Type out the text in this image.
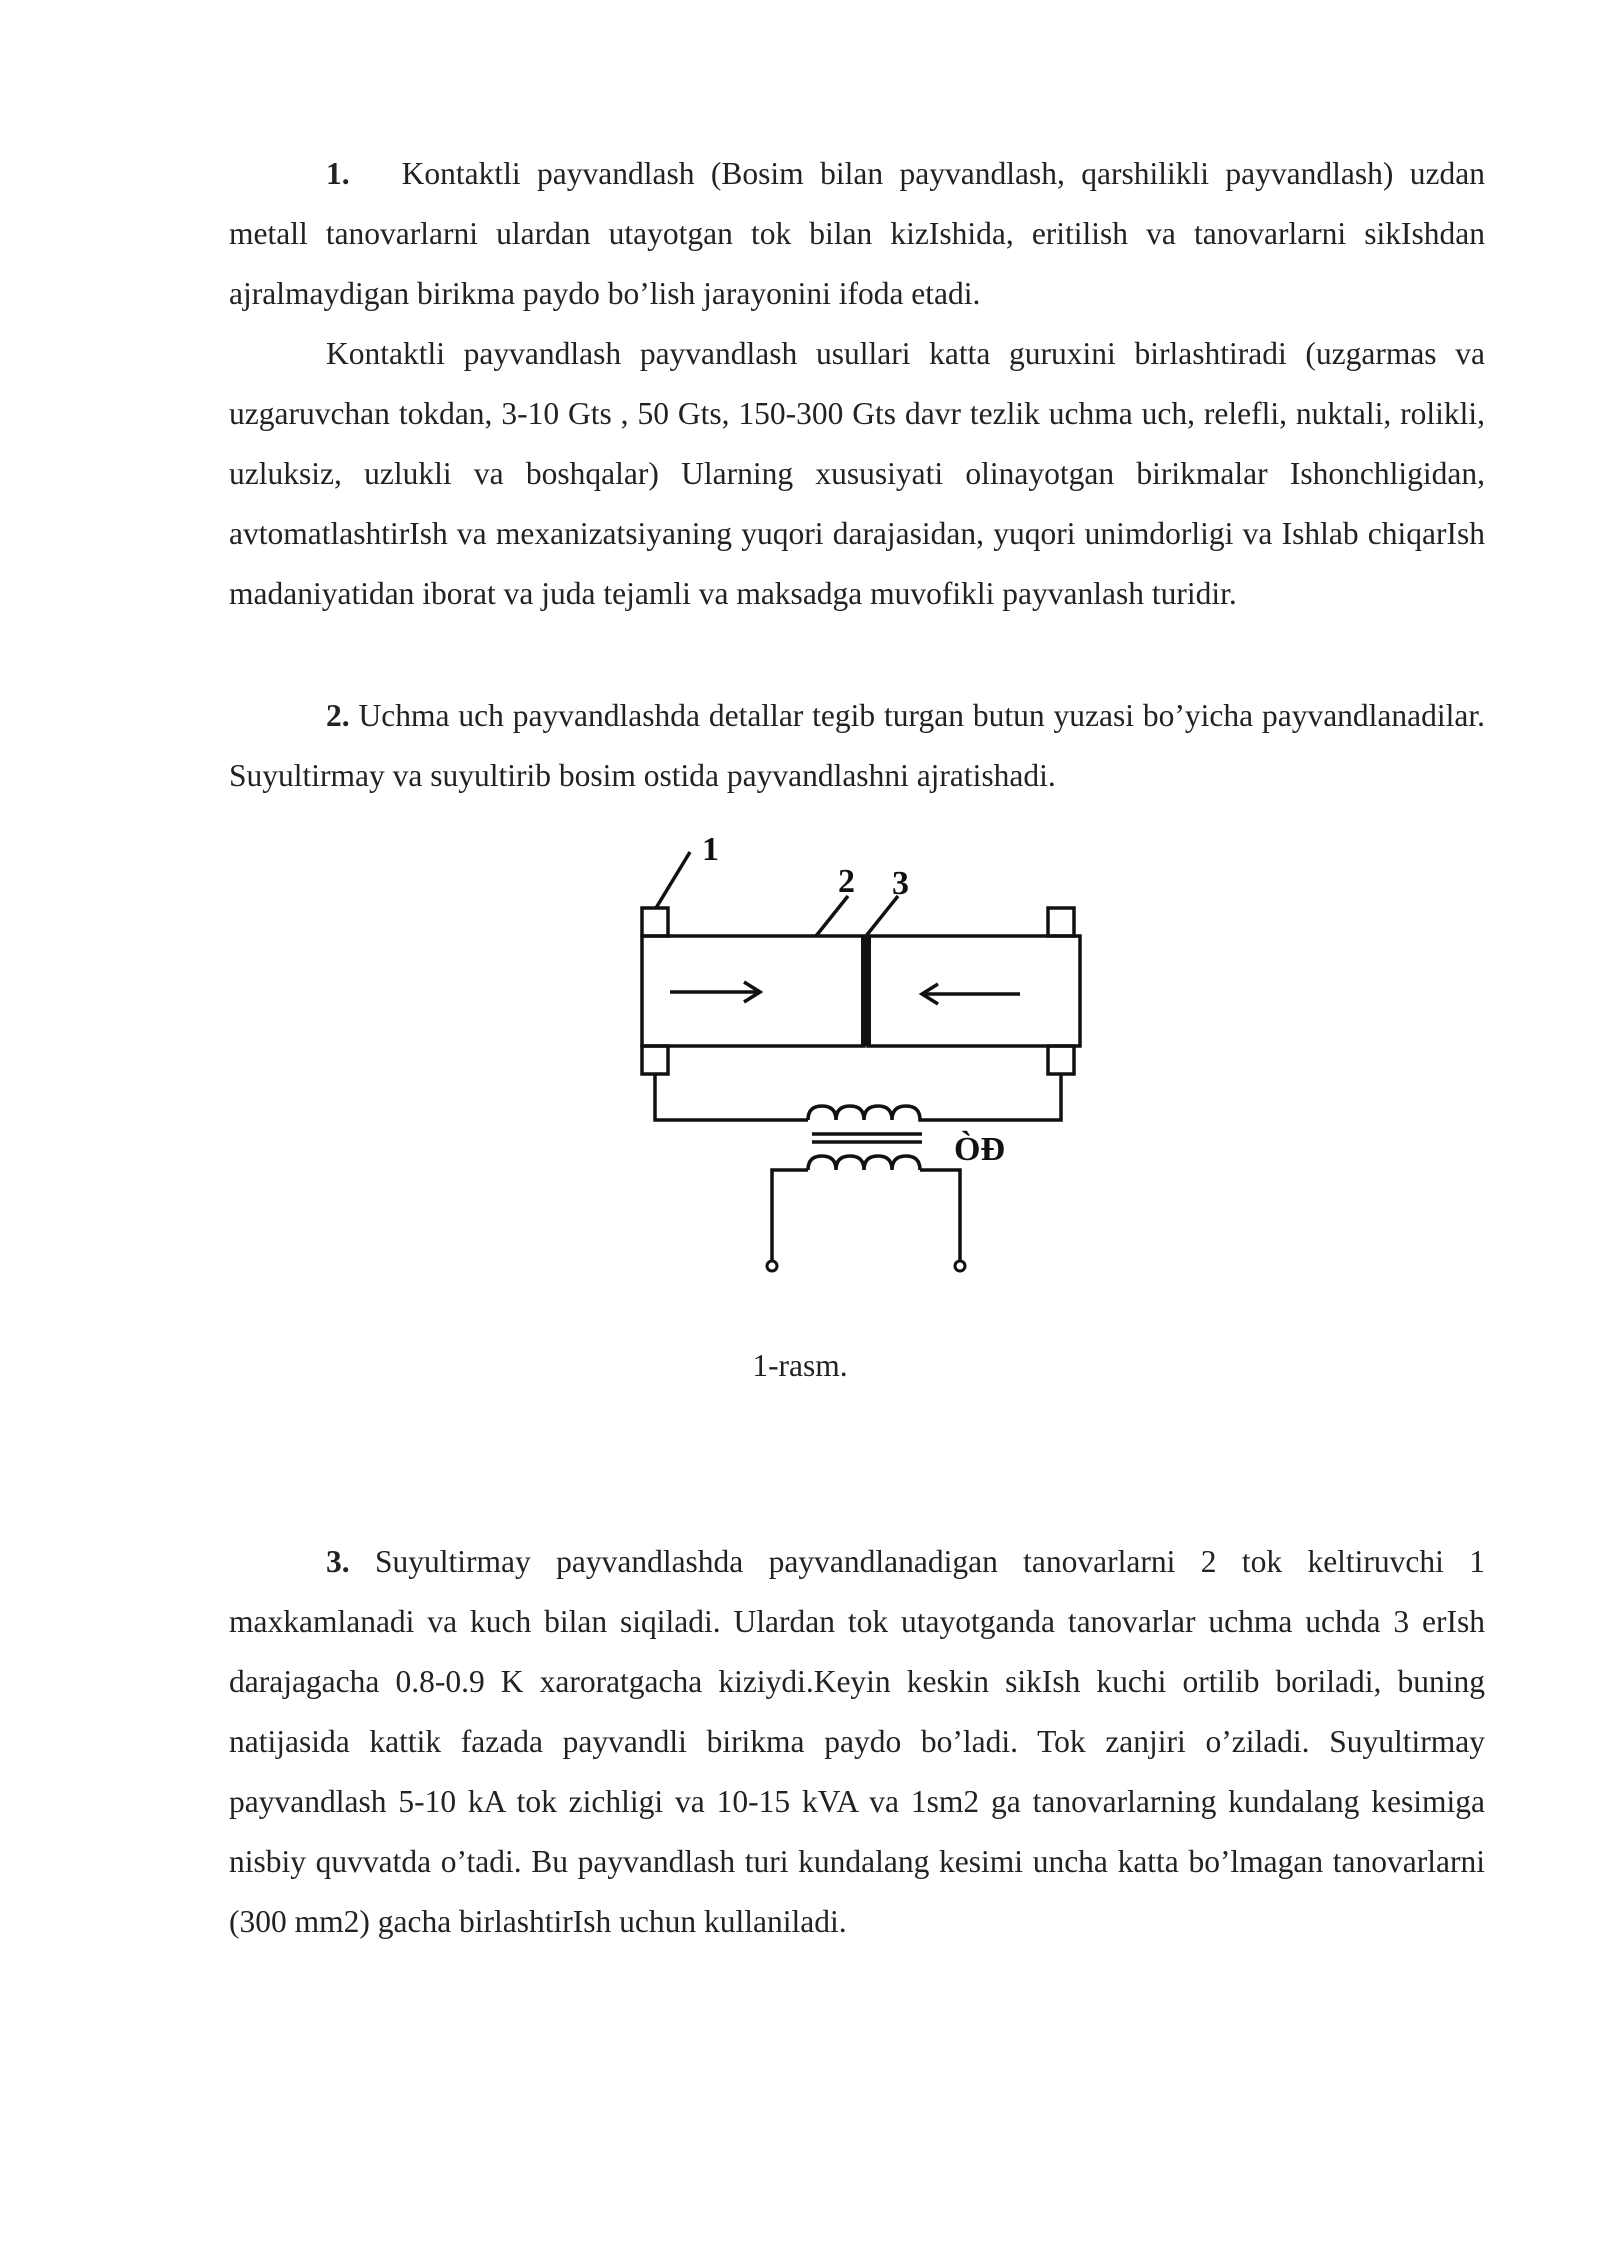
1. Kontaktli payvandlash (Bosim bilan payvandlash, qarshilikli payvandlash) uzdan metall tanovarlarni ulardan utayotgan tok bilan kizIshida, eritilish va tanovarlarni sikIshdan ajralmaydigan birikma paydo bo’lish jarayonini ifoda etadi.

Kontaktli payvandlash payvandlash usullari katta guruxini birlashtiradi (uzgarmas va uzgaruvchan tokdan, 3-10 Gts , 50 Gts, 150-300 Gts davr tezlik uchma uch, relefli, nuktali, rolikli, uzluksiz, uzlukli va boshqalar) Ularning xususiyati olinayotgan birikmalar Ishonchligidan, avtomatlashtirIsh va mexanizatsiyaning yuqori darajasidan, yuqori unimdorligi va Ishlab chiqarIsh madaniyatidan iborat va juda tejamli va maksadga muvofikli payvanlash turidir.

2. Uchma uch payvandlashda detallar tegib turgan butun yuzasi bo’yicha payvandlanadilar. Suyultirmay va suyultirib bosim ostida payvandlashni ajratishadi.

1
2 3
ÒÐ
1-rasm.

3. Suyultirmay payvandlashda payvandlanadigan tanovarlarni 2 tok keltiruvchi 1 maxkamlanadi va kuch bilan siqiladi. Ulardan tok utayotganda tanovarlar uchma uchda 3 erIsh darajagacha 0.8-0.9 K xaroratgacha kiziydi.Keyin keskin sikIsh kuchi ortilib boriladi, buning natijasida kattik fazada payvandli birikma paydo bo’ladi. Tok zanjiri o’ziladi. Suyultirmay payvandlash 5-10 kA tok zichligi va 10-15 kVA va 1sm2 ga tanovarlarning kundalang kesimiga nisbiy quvvatda o’tadi. Bu payvandlash turi kundalang kesimi uncha katta bo’lmagan tanovarlarni (300 mm2) gacha birlashtirIsh uchun kullaniladi.
